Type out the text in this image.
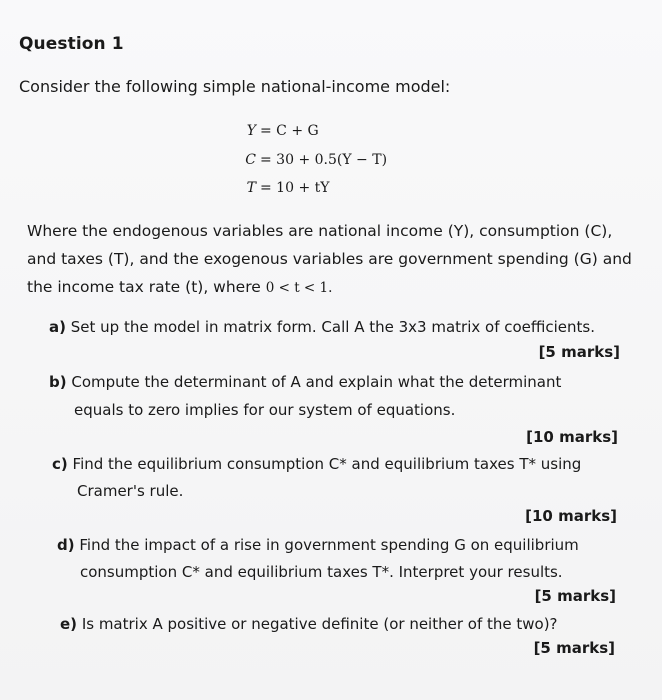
Question 1
Consider the following simple national-income model:
Y = C + G
C = 30 + 0.5(Y − T)
T = 10 + tY
Where the endogenous variables are national income (Y), consumption (C), and taxes (T), and the exogenous variables are government spending (G) and the income tax rate (t), where 0 < t < 1.
a) Set up the model in matrix form. Call A the 3x3 matrix of coefficients.
[5 marks]
b) Compute the determinant of A and explain what the determinant
equals to zero implies for our system of equations.
[10 marks]
c) Find the equilibrium consumption C* and equilibrium taxes T* using
Cramer's rule.
[10 marks]
d) Find the impact of a rise in government spending G on equilibrium
consumption C* and equilibrium taxes T*. Interpret your results.
[5 marks]
e) Is matrix A positive or negative definite (or neither of the two)?
[5 marks]
